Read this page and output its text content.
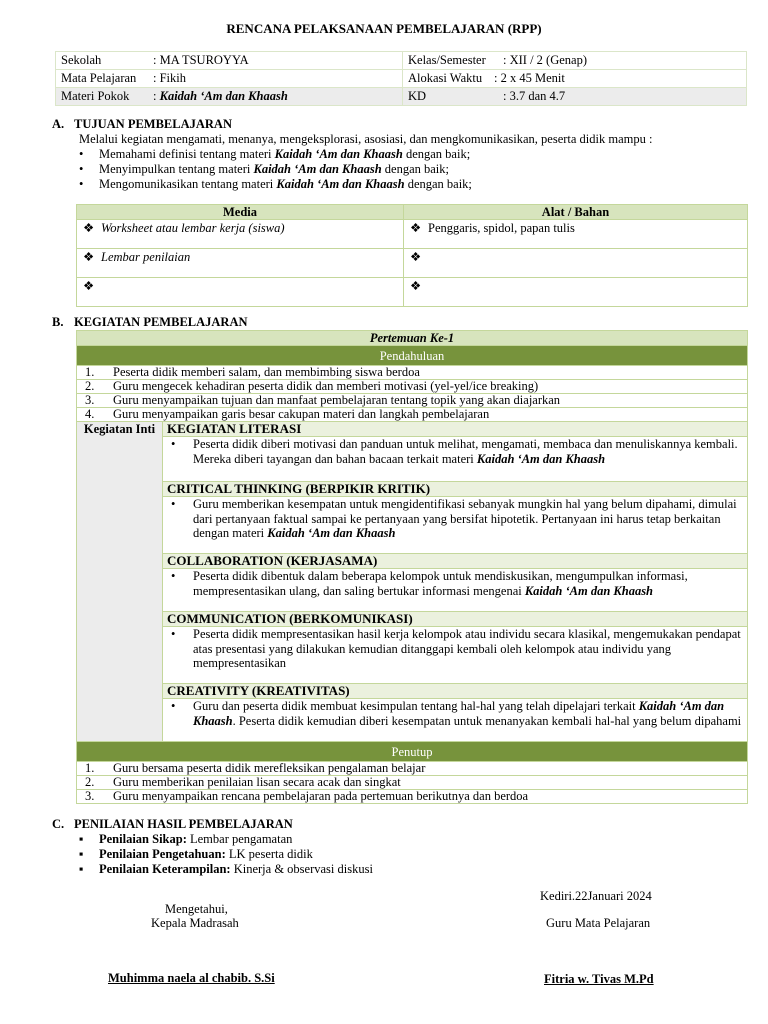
RENCANA PELAKSANAAN PEMBELAJARAN (RPP)
Sekolah : MA TSUROYYA	Kelas/Semester : XII / 2 (Genap)
Mata Pelajaran : Fikih	Alokasi Waktu : 2 x 45 Menit
Materi Pokok : Kaidah ‘Am dan Khaash	KD : 3.7 dan 4.7
A. TUJUAN PEMBELAJARAN
Melalui kegiatan mengamati, menanya, mengeksplorasi, asosiasi, dan mengkomunikasikan, peserta didik mampu :
• Memahami definisi tentang materi Kaidah ‘Am dan Khaash dengan baik;
• Menyimpulkan tentang materi Kaidah ‘Am dan Khaash dengan baik;
• Mengomunikasikan tentang materi Kaidah ‘Am dan Khaash dengan baik;
Media	Alat / Bahan
❖ Worksheet atau lembar kerja (siswa)	❖ Penggaris, spidol, papan tulis
❖ Lembar penilaian	❖
❖	❖
B. KEGIATAN PEMBELAJARAN
Pertemuan Ke-1
Pendahuluan
1. Peserta didik memberi salam, dan membimbing siswa berdoa
2. Guru mengecek kehadiran peserta didik dan memberi motivasi (yel-yel/ice breaking)
3. Guru menyampaikan tujuan dan manfaat pembelajaran tentang topik yang akan diajarkan
4. Guru menyampaikan garis besar cakupan materi dan langkah pembelajaran
Kegiatan Inti	KEGIATAN LITERASI

•	Peserta didik diberi motivasi dan panduan untuk melihat, mengamati, membaca dan menuliskannya kembali. Mereka diberi tayangan dan bahan bacaan terkait materi Kaidah ‘Am dan Khaash

CRITICAL THINKING (BERPIKIR KRITIK)

•	Guru memberikan kesempatan untuk mengidentifikasi sebanyak mungkin hal yang belum dipahami, dimulai dari pertanyaan faktual sampai ke pertanyaan yang bersifat hipotetik. Pertanyaan ini harus tetap berkaitan dengan materi Kaidah ‘Am dan Khaash

COLLABORATION (KERJASAMA)

•	Peserta didik dibentuk dalam beberapa kelompok untuk mendiskusikan, mengumpulkan informasi, mempresentasikan ulang, dan saling bertukar informasi mengenai Kaidah ‘Am dan Khaash

COMMUNICATION (BERKOMUNIKASI)

•	Peserta didik mempresentasikan hasil kerja kelompok atau individu secara klasikal, mengemukakan pendapat atas presentasi yang dilakukan kemudian ditanggapi kembali oleh kelompok atau individu yang mempresentasikan

CREATIVITY (KREATIVITAS)

•	Guru dan peserta didik membuat kesimpulan tentang hal-hal yang telah dipelajari terkait Kaidah ‘Am dan Khaash. Peserta didik kemudian diberi kesempatan untuk menanyakan kembali hal-hal yang belum dipahami

Penutup
1. Guru bersama peserta didik merefleksikan pengalaman belajar
2. Guru memberikan penilaian lisan secara acak dan singkat
3. Guru menyampaikan rencana pembelajaran pada pertemuan berikutnya dan berdoa
C. PENILAIAN HASIL PEMBELAJARAN
▪ Penilaian Sikap: Lembar pengamatan
▪ Penilaian Pengetahuan: LK peserta didik
▪ Penilaian Keterampilan: Kinerja & observasi diskusi
Kediri.22Januari 2024
Mengetahui,
Kepala Madrasah	Guru Mata Pelajaran
Muhimma naela al chabib. S.Si	Fitria w. Tivas M.Pd
